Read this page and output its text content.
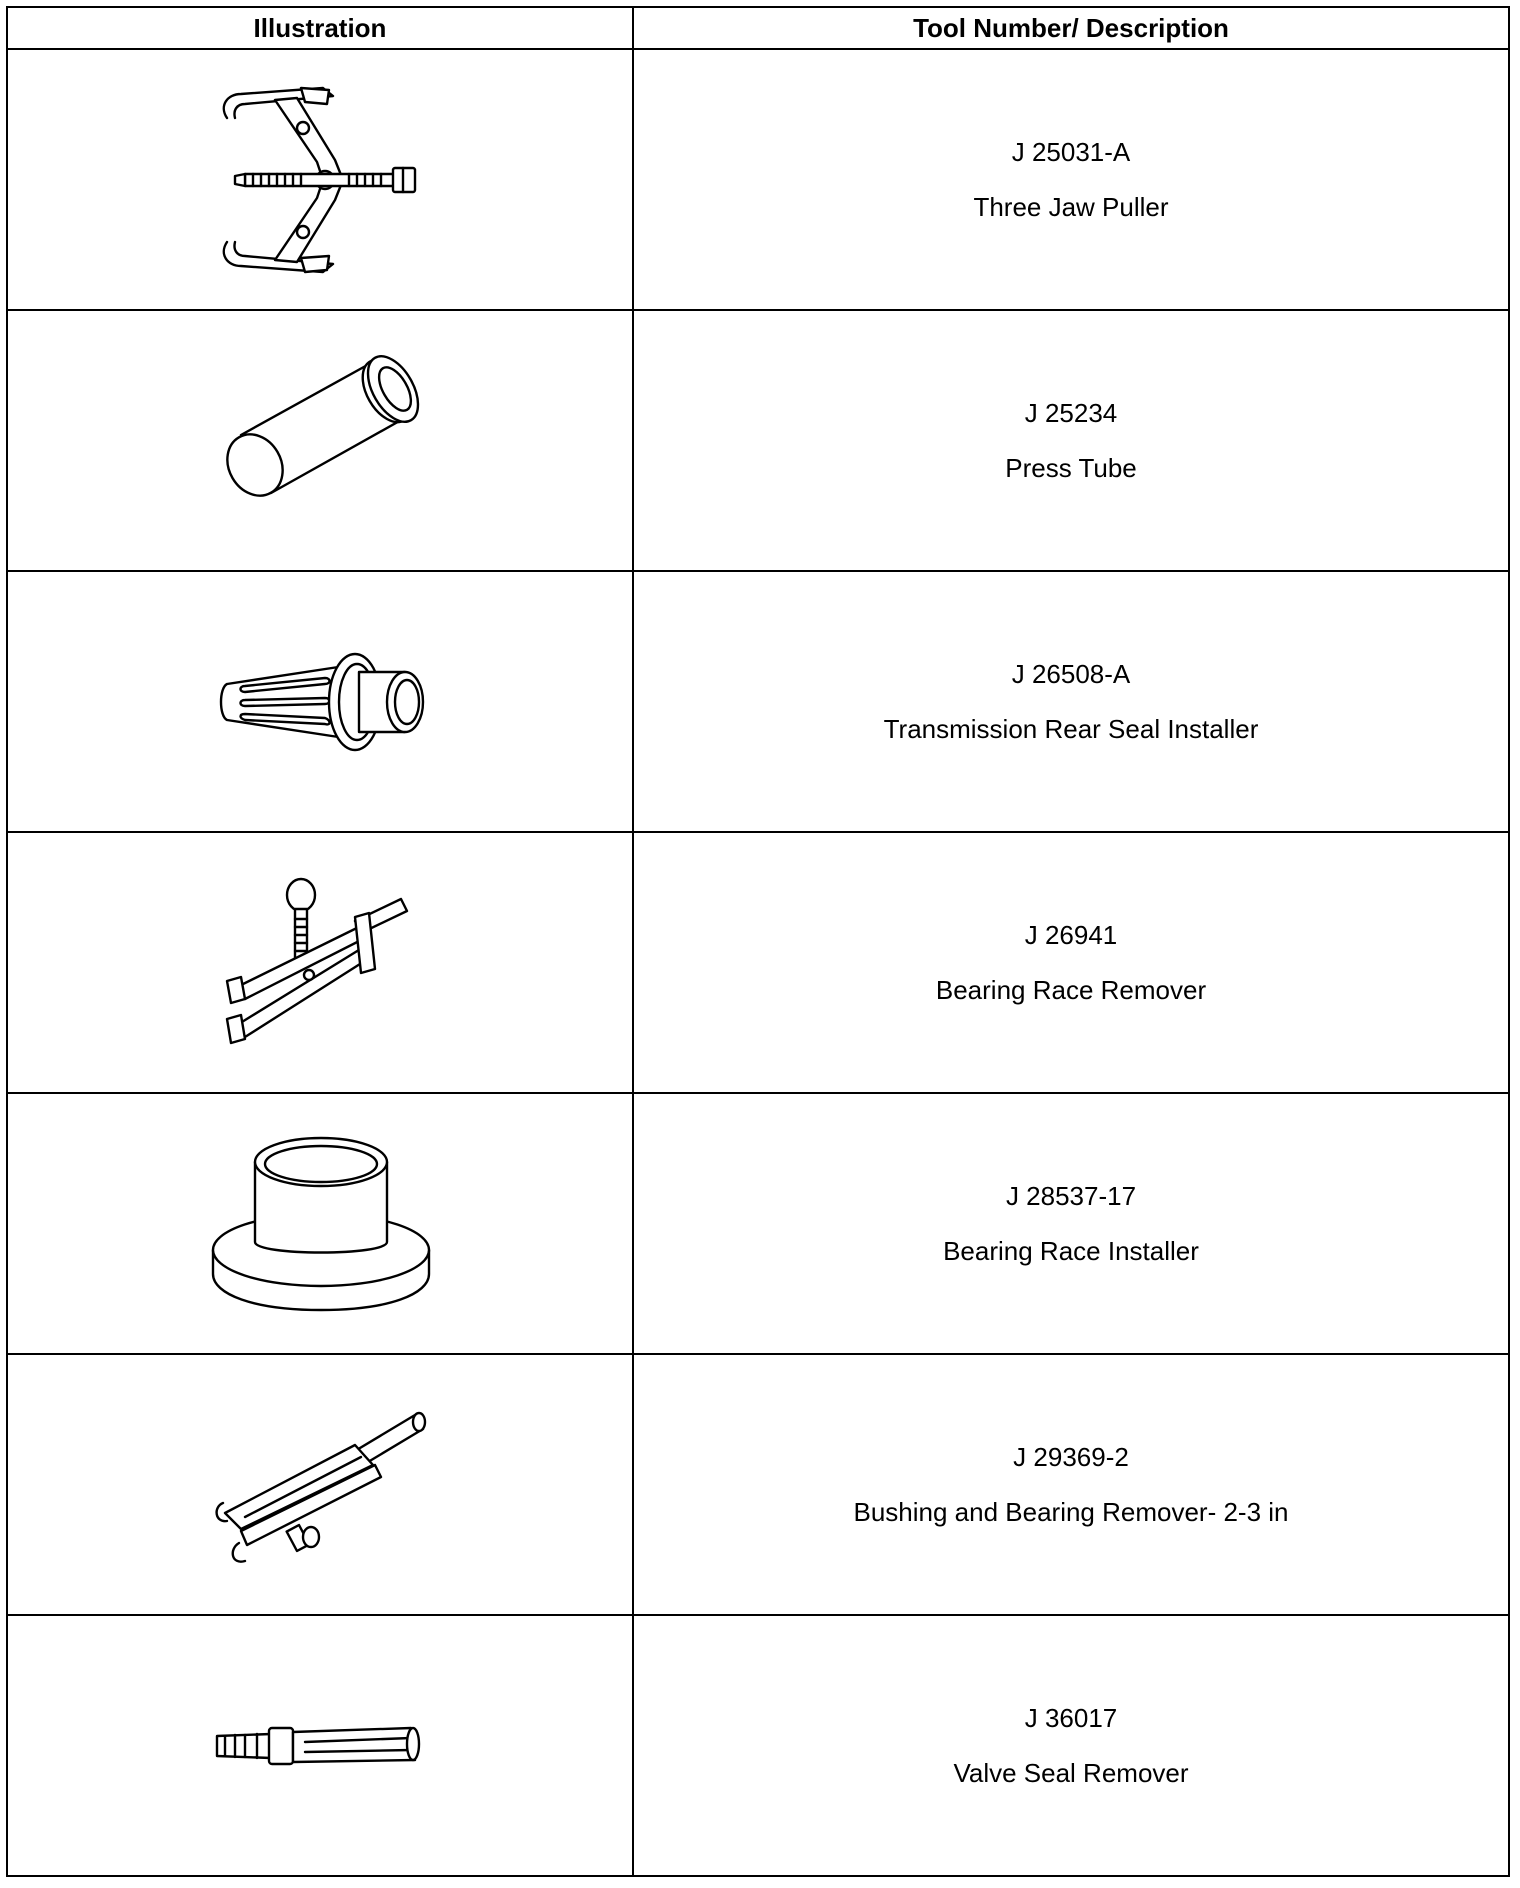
Illustration	Tool Number/ Description

J 25031-A
Three Jaw Puller

J 25234
Press Tube

J 26508-A
Transmission Rear Seal Installer

J 26941
Bearing Race Remover

J 28537-17
Bearing Race Installer

J 29369-2
Bushing and Bearing Remover- 2-3 in

J 36017
Valve Seal Remover
